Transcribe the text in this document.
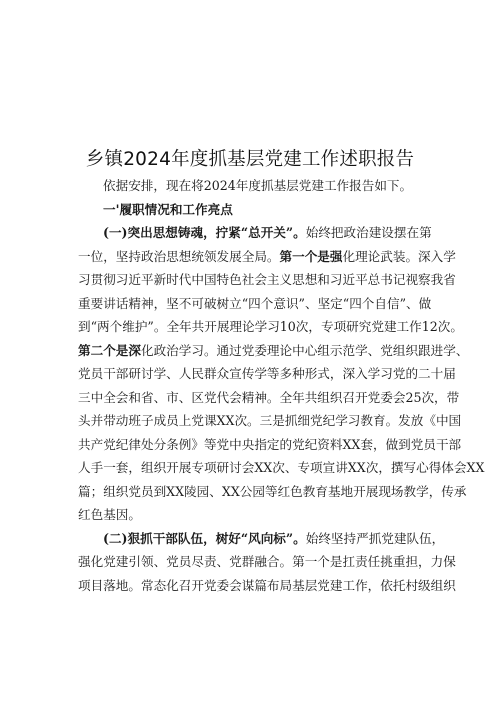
乡镇2024年度抓基层党建工作述职报告
依据安排，现在将2024年度抓基层党建工作报告如下。
一'履职情况和工作亮点
(一)突出思想铸魂，拧紧“总开关”。始终把政治建设摆在第
一位，坚持政治思想统领发展全局。第一个是强化理论武装。深入学
习贯彻习近平新时代中国特色社会主义思想和习近平总书记视察我省
重要讲话精神，坚不可破树立“四个意识”、坚定“四个自信”、做
到“两个维护”。全年共开展理论学习10次，专项研究党建工作12次。
第二个是深化政治学习。通过党委理论中心组示范学、党组织跟进学、
党员干部研讨学、人民群众宣传学等多种形式，深入学习党的二十届
三中全会和省、市、区党代会精神。全年共组织召开党委会25次，带
头并带动班子成员上党课XX次。三是抓细党纪学习教育。发放《中国
共产党纪律处分条例》等党中央指定的党纪资料XX套，做到党员干部
人手一套，组织开展专项研讨会XX次、专项宣讲XX次，撰写心得体会XX
篇；组织党员到XX陵园、XX公园等红色教育基地开展现场教学，传承
红色基因。
(二)狠抓干部队伍，树好“风向标”。始终坚持严抓党建队伍，
强化党建引领、党员尽责、党群融合。第一个是扛责任挑重担，力保
项目落地。常态化召开党委会谋篇布局基层党建工作，依托村级组织
